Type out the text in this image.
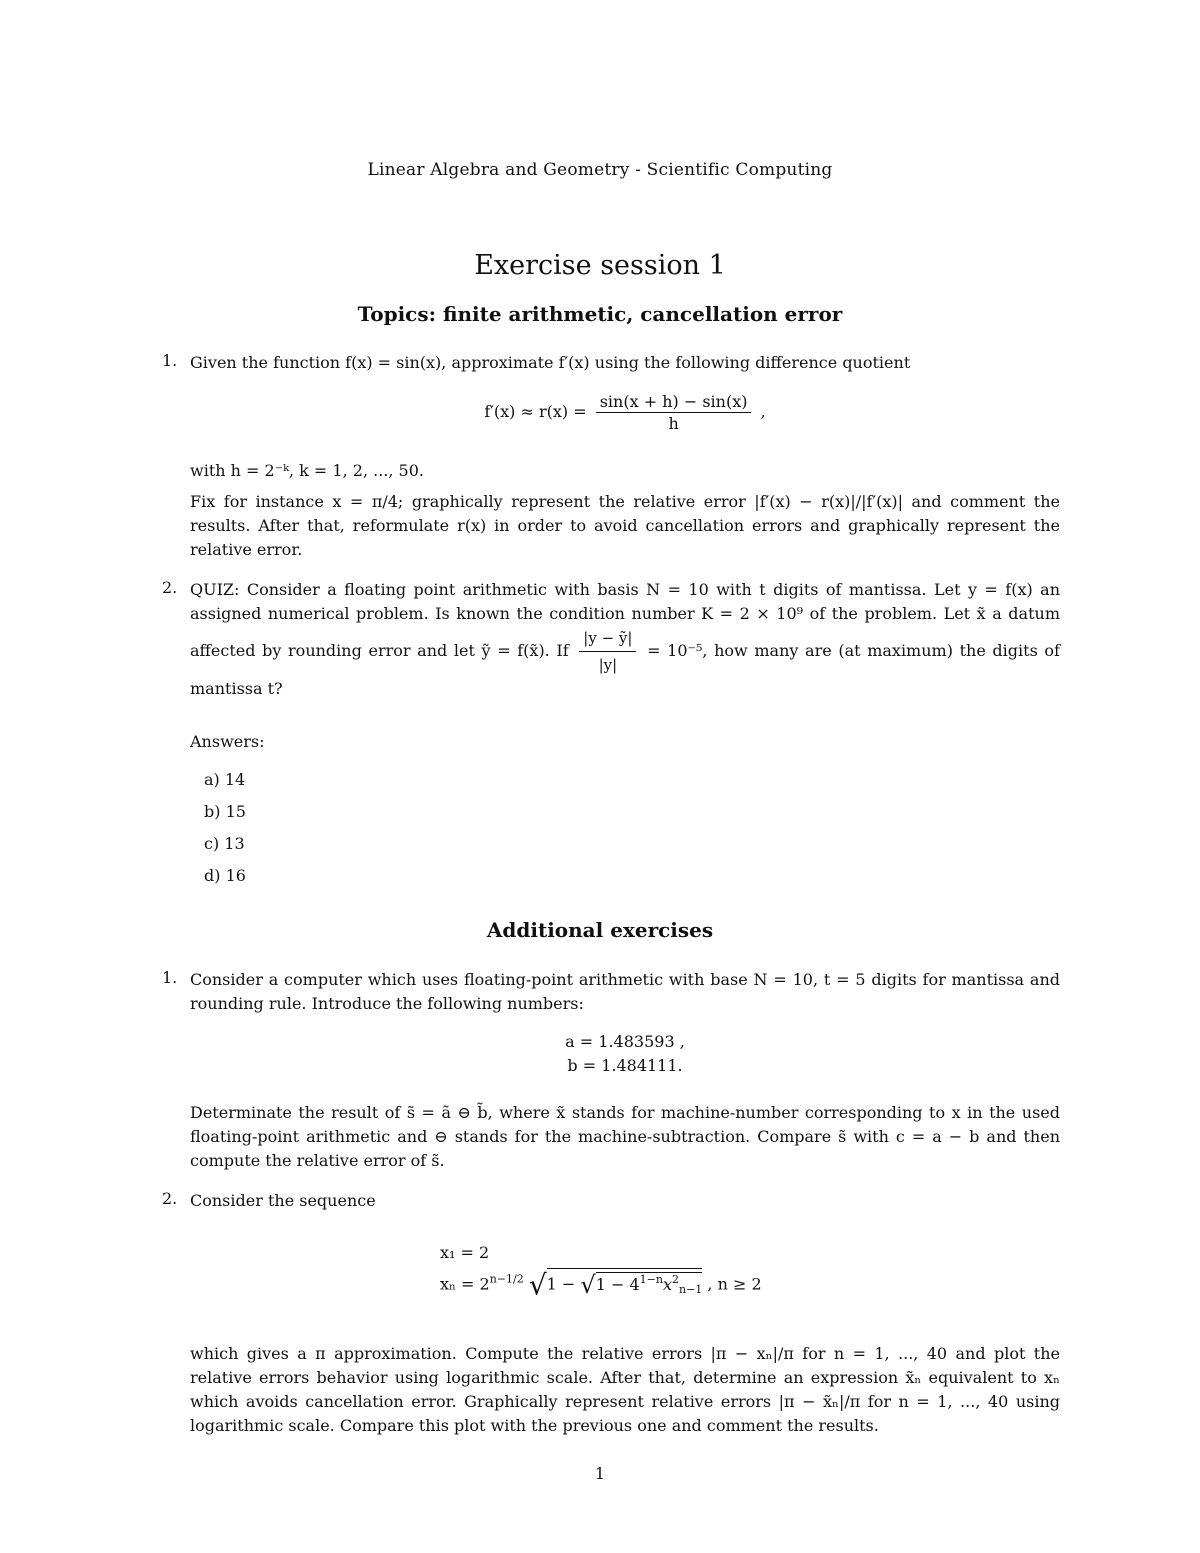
Linear Algebra and Geometry - Scientific Computing
Exercise session 1
Topics: finite arithmetic, cancellation error
1. Given the function f(x) = sin(x), approximate f′(x) using the following difference quotient
$f'(x) \approx r(x) = \frac{\sin(x + h) - \sin(x)}{h}$ ,
with h = 2⁻ᵏ, k = 1, 2, ..., 50.
Fix for instance x = π/4; graphically represent the relative error |f′(x) − r(x)|/|f′(x)| and comment the results. After that, reformulate r(x) in order to avoid cancellation errors and graphically represent the relative error.
2. QUIZ: Consider a floating point arithmetic with basis N = 10 with t digits of mantissa. Let y = f(x) an assigned numerical problem. Is known the condition number K = 2 × 10⁹ of the problem. Let x̃ a datum affected by rounding error and let ỹ = f(x̃). If $\frac{\text{|y − ỹ|}}{|y|} = 10^{-5}$, how many are (at maximum) the digits of mantissa t?
Answers:
a) 14
b) 15
c) 13
d) 16
Additional exercises
1. Consider a computer which uses floating-point arithmetic with base N = 10, t = 5 digits for mantissa and rounding rule. Introduce the following numbers:
a = 1.483593 ,
b = 1.484111.
Determinate the result of s̃ = ã ⊖ b̃, where x̃ stands for machine-number corresponding to x in the used floating-point arithmetic and ⊖ stands for the machine-subtraction. Compare s̃ with c = a − b and then compute the relative error of s̃.
2. Consider the sequence
x₁ = 2
$x_n = 2^{n-1/2}$ $√1 - √1 - 4^{1-n}x^2_{n-1}$ , n ≥ 2
which gives a π approximation. Compute the relative errors |π − xₙ|/π for n = 1, ..., 40 and plot the relative errors behavior using logarithmic scale. After that, determine an expression x̃ₙ equivalent to xₙ which avoids cancellation error. Graphically represent relative errors |π − x̃ₙ|/π for n = 1, ..., 40 using logarithmic scale. Compare this plot with the previous one and comment the results.
1
